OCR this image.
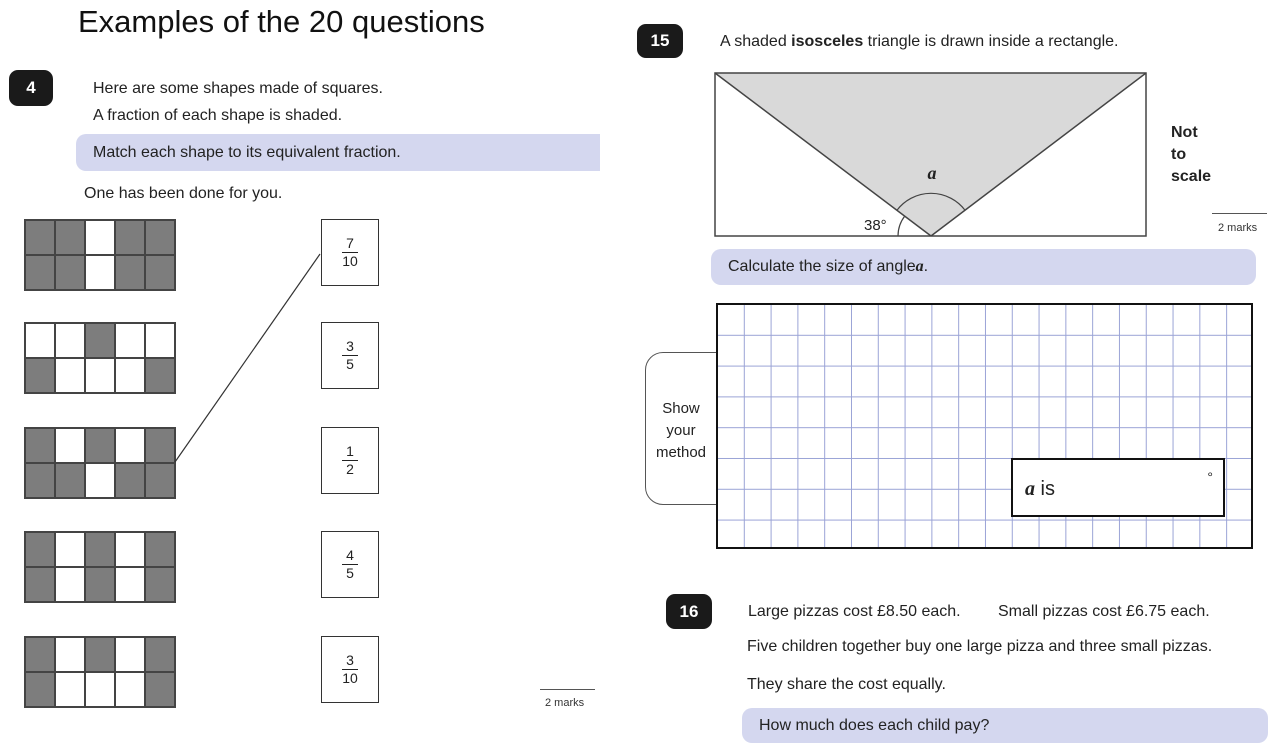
Examples of the 20 questions
4	Here are some shapes made of squares.
A fraction of each shape is shaded.
Match each shape to its equivalent fraction.
One has been done for you.
7
10
3
5
1
2
4
5
3
10
2 marks
15	A shaded isosceles triangle is drawn inside a rectangle.
a
38°
Not
to
scale
2 marks
Calculate the size of angle a .
Show
your
method
a is
°
16	Large pizzas cost £8.50 each. Small pizzas cost £6.75 each.
Five children together buy one large pizza and three small pizzas.
They share the cost equally.
How much does each child pay?
